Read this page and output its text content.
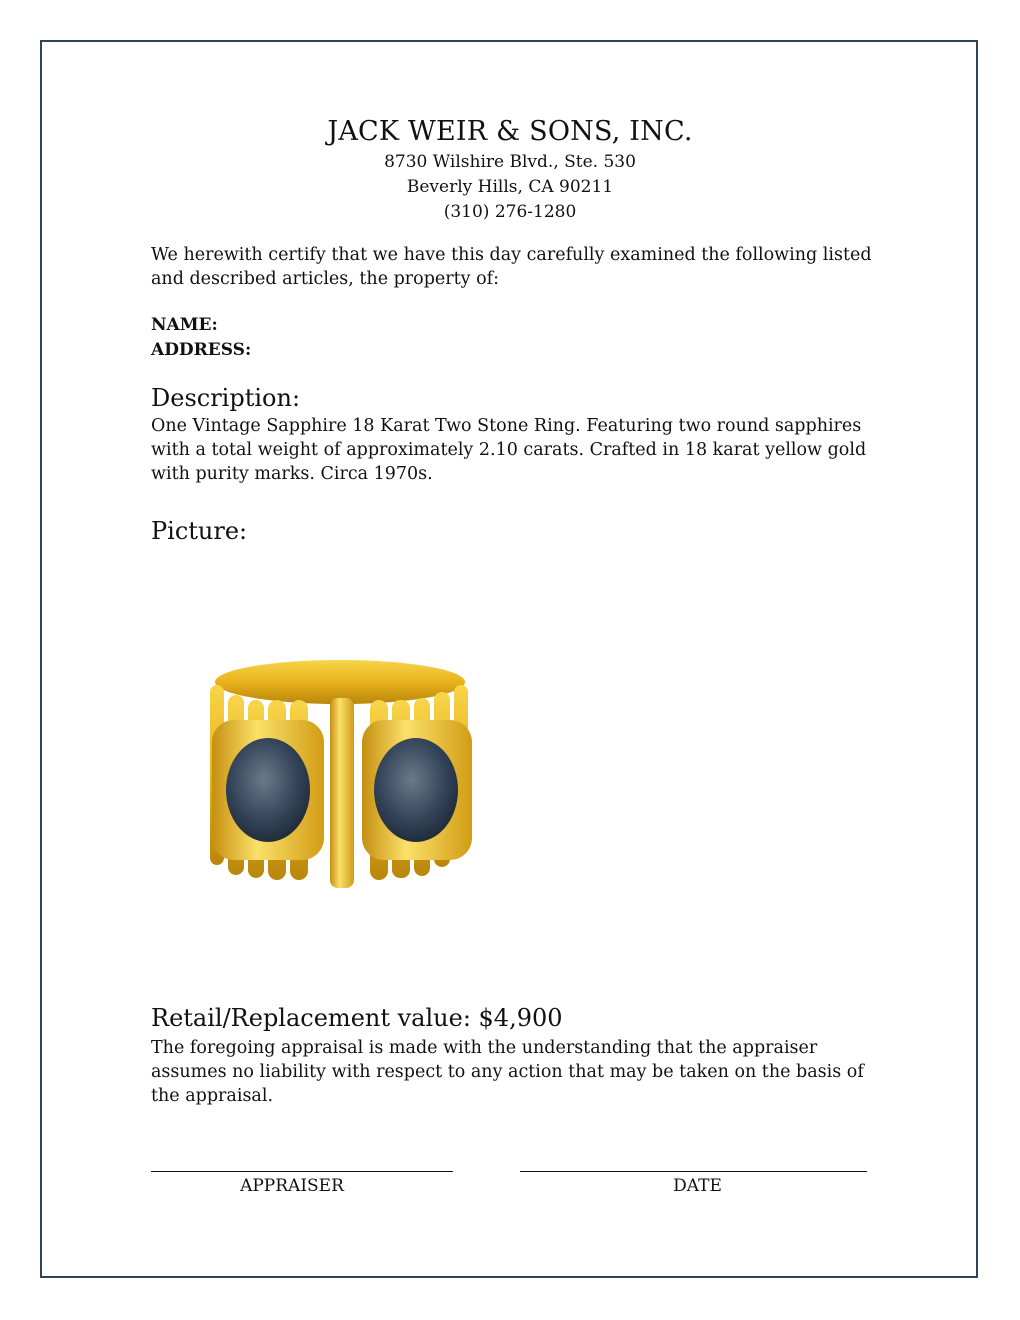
JACK WEIR & SONS, INC.
8730 Wilshire Blvd., Ste. 530
Beverly Hills, CA 90211
(310) 276-1280
We herewith certify that we have this day carefully examined the following listed and described articles, the property of:
NAME:
ADDRESS:
Description:
One Vintage Sapphire 18 Karat Two Stone Ring. Featuring two round sapphires with a total weight of approximately 2.10 carats. Crafted in 18 karat yellow gold with purity marks. Circa 1970s.
Picture:
Retail/Replacement value: $4,900
The foregoing appraisal is made with the understanding that the appraiser assumes no liability with respect to any action that may be taken on the basis of the appraisal.
APPRAISER	DATE
